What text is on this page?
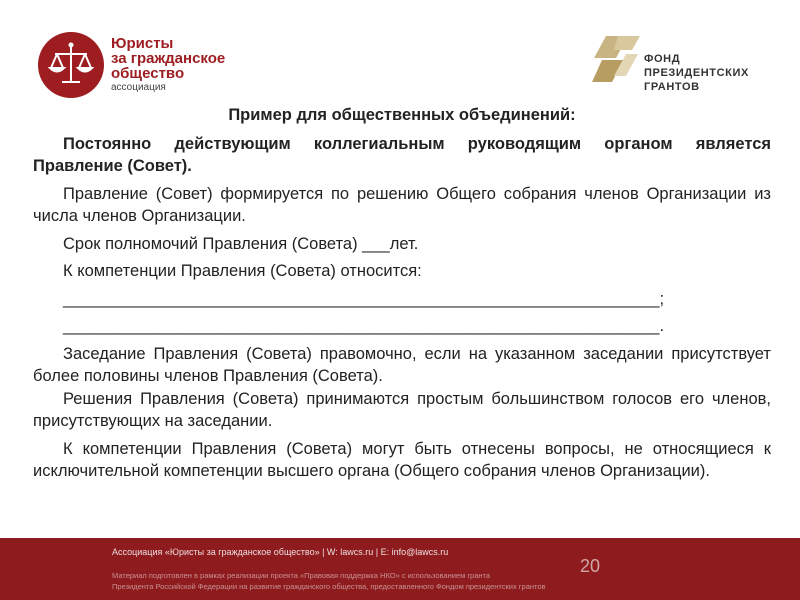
Юристы
за гражданское
общество
ассоциация
ФОНД
ПРЕЗИДЕНТСКИХ
ГРАНТОВ

Пример для общественных объединений:

Постоянно действующим коллегиальным руководящим органом является Правление (Совет).

Правление (Совет) формируется по решению Общего собрания членов Организации из числа членов Организации.

Срок полномочий Правления (Совета) ___лет.

К компетенции Правления (Совета) относится:

_________________________________________________________________;

_________________________________________________________________.

Заседание Правления (Совета) правомочно, если на указанном заседании присутствует более половины членов Правления (Совета).

Решения Правления (Совета) принимаются простым большинством голосов его членов, присутствующих на заседании.

К компетенции Правления (Совета) могут быть отнесены вопросы, не относящиеся к исключительной компетенции высшего органа (Общего собрания членов Организации).

Ассоциация «Юристы за гражданское общество» | W: lawcs.ru | E: info@lawcs.ru
20
Материал подготовлен в рамках реализации проекта «Правовая поддержка НКО» с использованием гранта
Президента Российской Федерации на развитие гражданского общества, предоставленного Фондом президентских грантов
